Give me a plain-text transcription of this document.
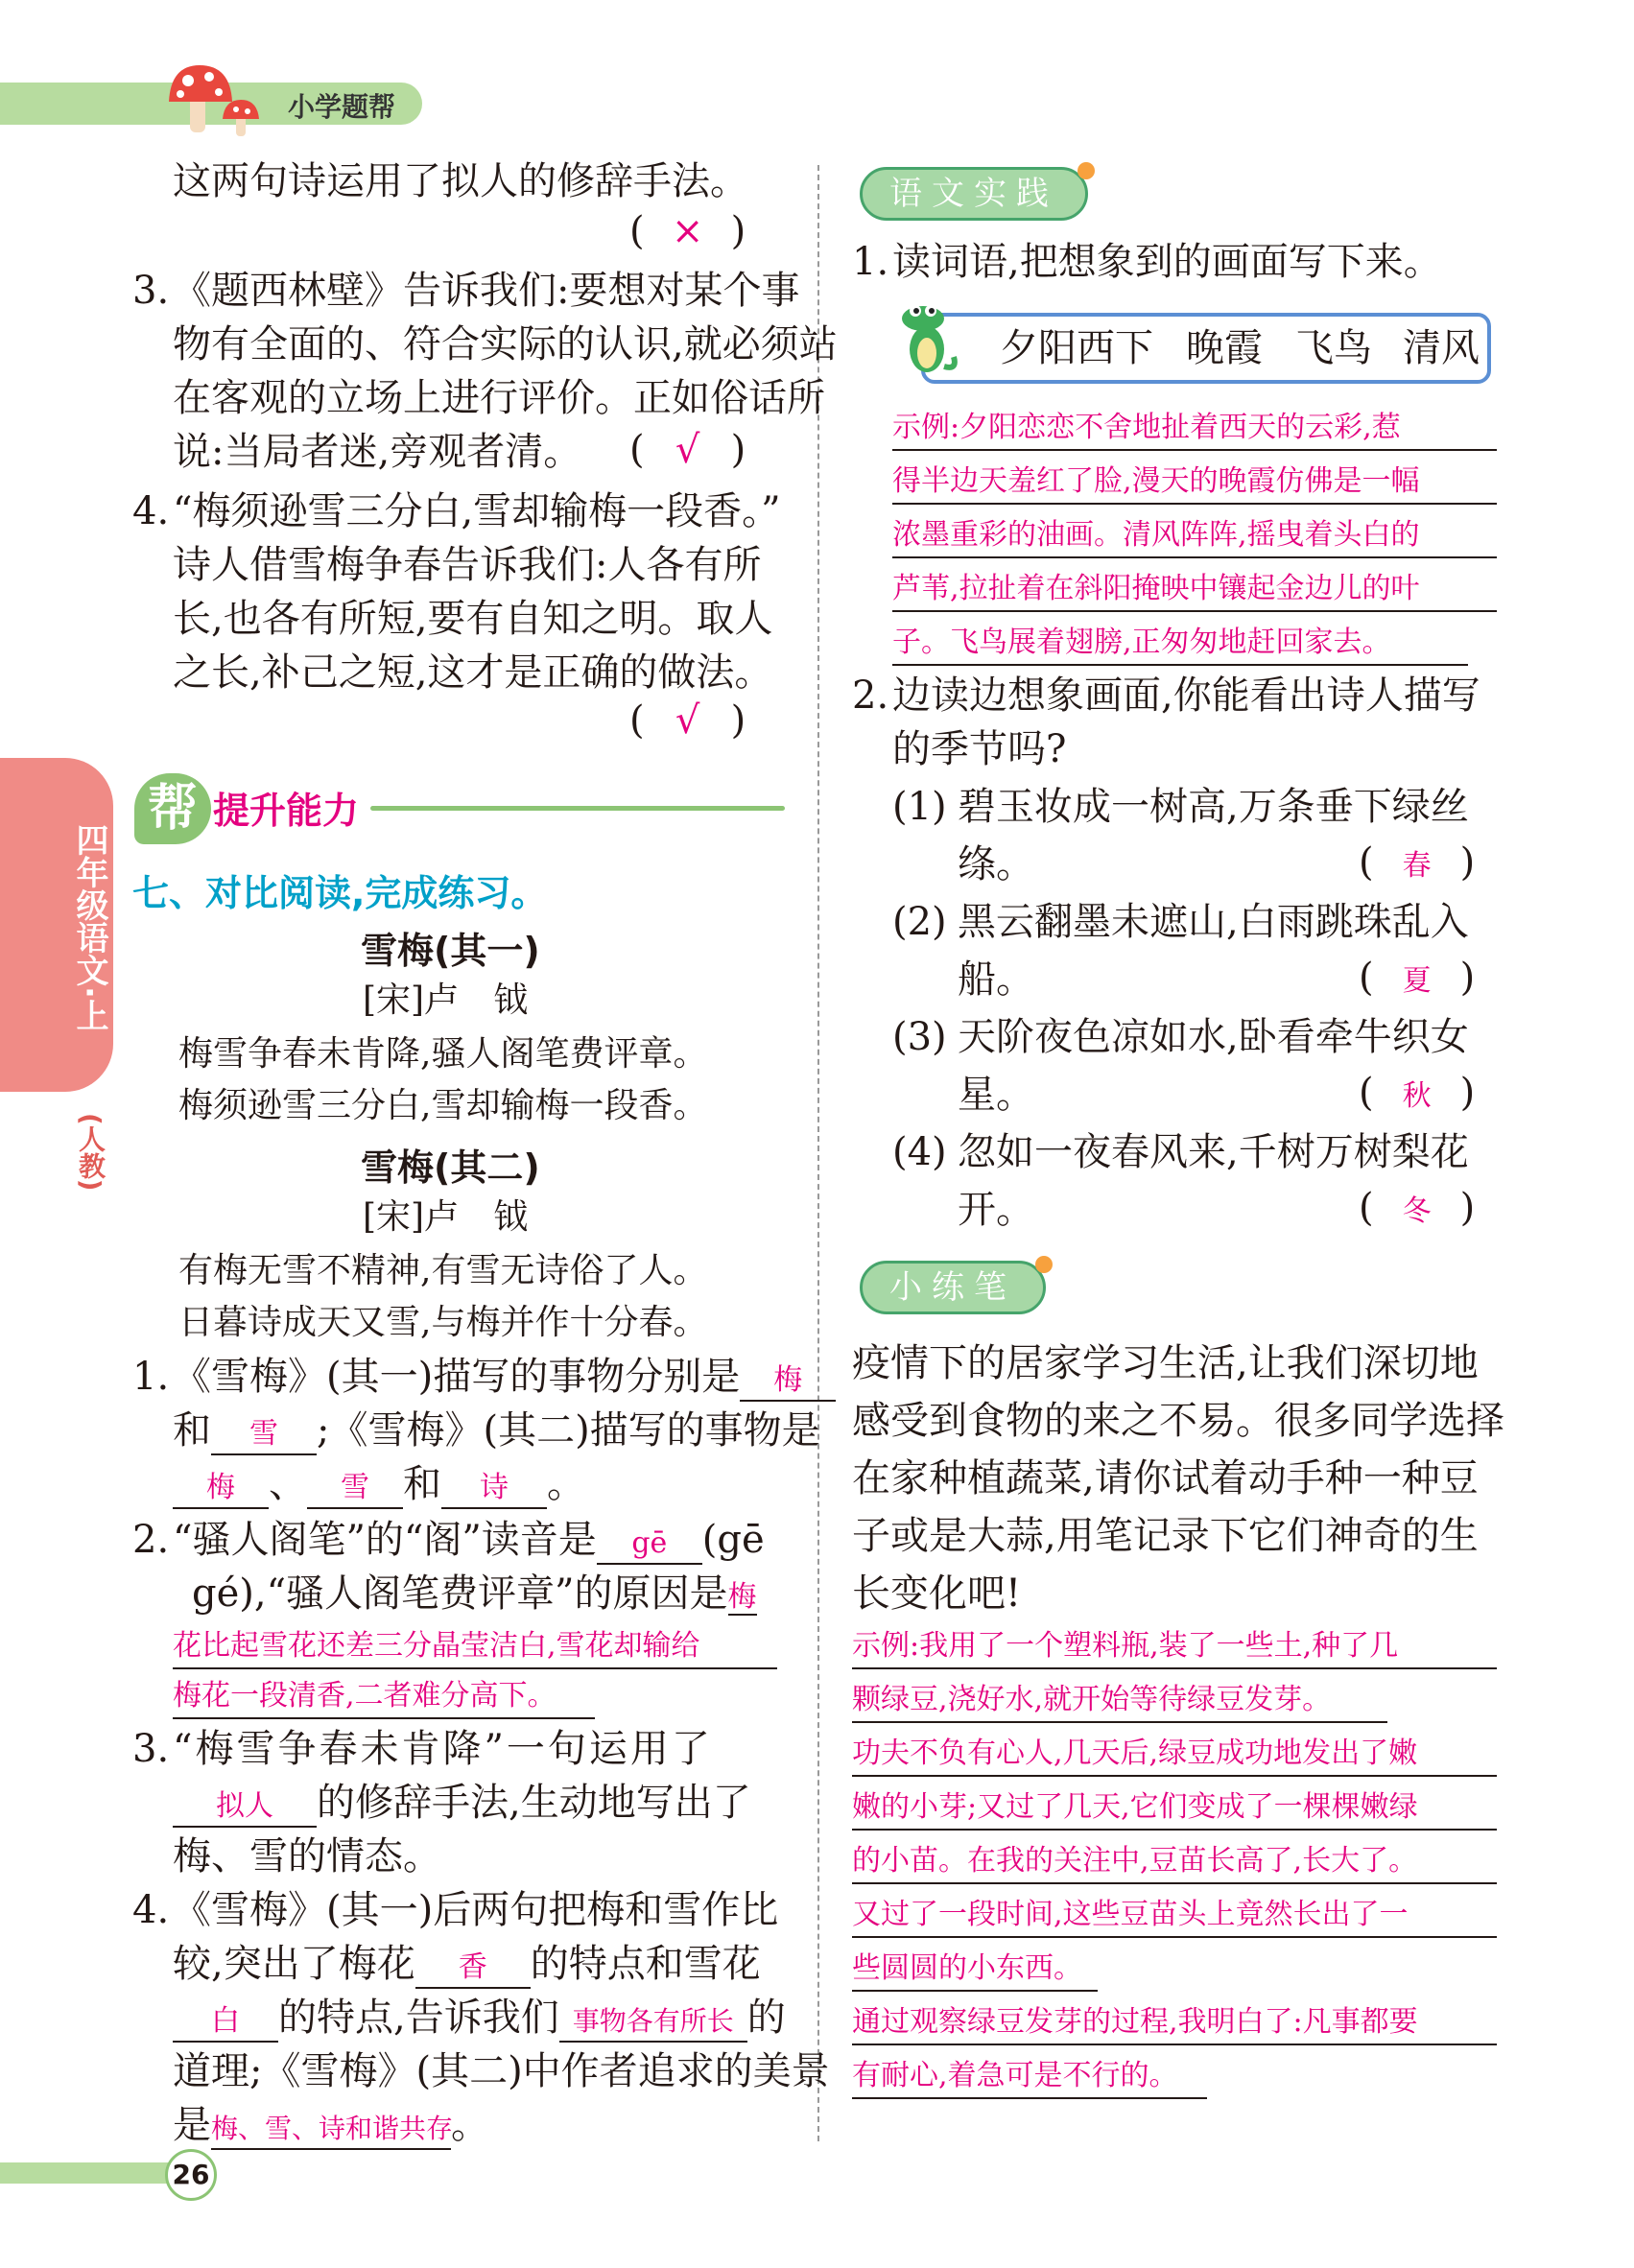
小学题帮
四年级语文·上
(人教)
这两句诗运用了拟人的修辞手法。
( × )
3. 《题西林壁》告诉我们:要想对某个事
物有全面的、符合实际的认识,就必须站
在客观的立场上进行评价。正如俗话所
说:当局者迷,旁观者清。 ( √ )
4. “梅须逊雪三分白,雪却输梅一段香。”
诗人借雪梅争春告诉我们:人各有所
长,也各有所短,要有自知之明。取人
之长,补己之短,这才是正确的做法。
( √ )
帮 提升能力
七、对比阅读,完成练习。
雪梅(其一)
[宋]卢　钺
梅雪争春未肯降,骚人阁笔费评章。
梅须逊雪三分白,雪却输梅一段香。
雪梅(其二)
[宋]卢　钺
有梅无雪不精神,有雪无诗俗了人。
日暮诗成天又雪,与梅并作十分春。
1. 《雪梅》(其一)描写的事物分别是 梅
和 雪 ;《雪梅》(其二)描写的事物是
梅 、 雪 和 诗 。
2. “骚人阁笔”的“阁”读音是 gē (gē
gé),“骚人阁笔费评章”的原因是梅
花比起雪花还差三分晶莹洁白,雪花却输给
梅花一段清香,二者难分高下。
3. “梅雪争春未肯降”一句运用了
拟人 的修辞手法,生动地写出了
梅、雪的情态。
4. 《雪梅》(其一)后两句把梅和雪作比
较,突出了梅花 香 的特点和雪花
白 的特点,告诉我们 事物各有所长 的
道理;《雪梅》(其二)中作者追求的美景
是梅、雪、诗和谐共存。
26
语文实践
1. 读词语,把想象到的画面写下来。
夕阳西下 晚霞 飞鸟 清风
示例:夕阳恋恋不舍地扯着西天的云彩,惹
得半边天羞红了脸,漫天的晚霞仿佛是一幅
浓墨重彩的油画。清风阵阵,摇曳着头白的
芦苇,拉扯着在斜阳掩映中镶起金边儿的叶
子。飞鸟展着翅膀,正匆匆地赶回家去。
2. 边读边想象画面,你能看出诗人描写
的季节吗?
(1) 碧玉妆成一树高,万条垂下绿丝
绦。	( 春 )
(2) 黑云翻墨未遮山,白雨跳珠乱入
船。	( 夏 )
(3) 天阶夜色凉如水,卧看牵牛织女
星。	( 秋 )
(4) 忽如一夜春风来,千树万树梨花
开。	( 冬 )
小练笔
疫情下的居家学习生活,让我们深切地
感受到食物的来之不易。很多同学选择
在家种植蔬菜,请你试着动手种一种豆
子或是大蒜,用笔记录下它们神奇的生
长变化吧!
示例:我用了一个塑料瓶,装了一些土,种了几
颗绿豆,浇好水,就开始等待绿豆发芽。
功夫不负有心人,几天后,绿豆成功地发出了嫩
嫩的小芽;又过了几天,它们变成了一棵棵嫩绿
的小苗。在我的关注中,豆苗长高了,长大了。
又过了一段时间,这些豆苗头上竟然长出了一
些圆圆的小东西。
通过观察绿豆发芽的过程,我明白了:凡事都要
有耐心,着急可是不行的。
